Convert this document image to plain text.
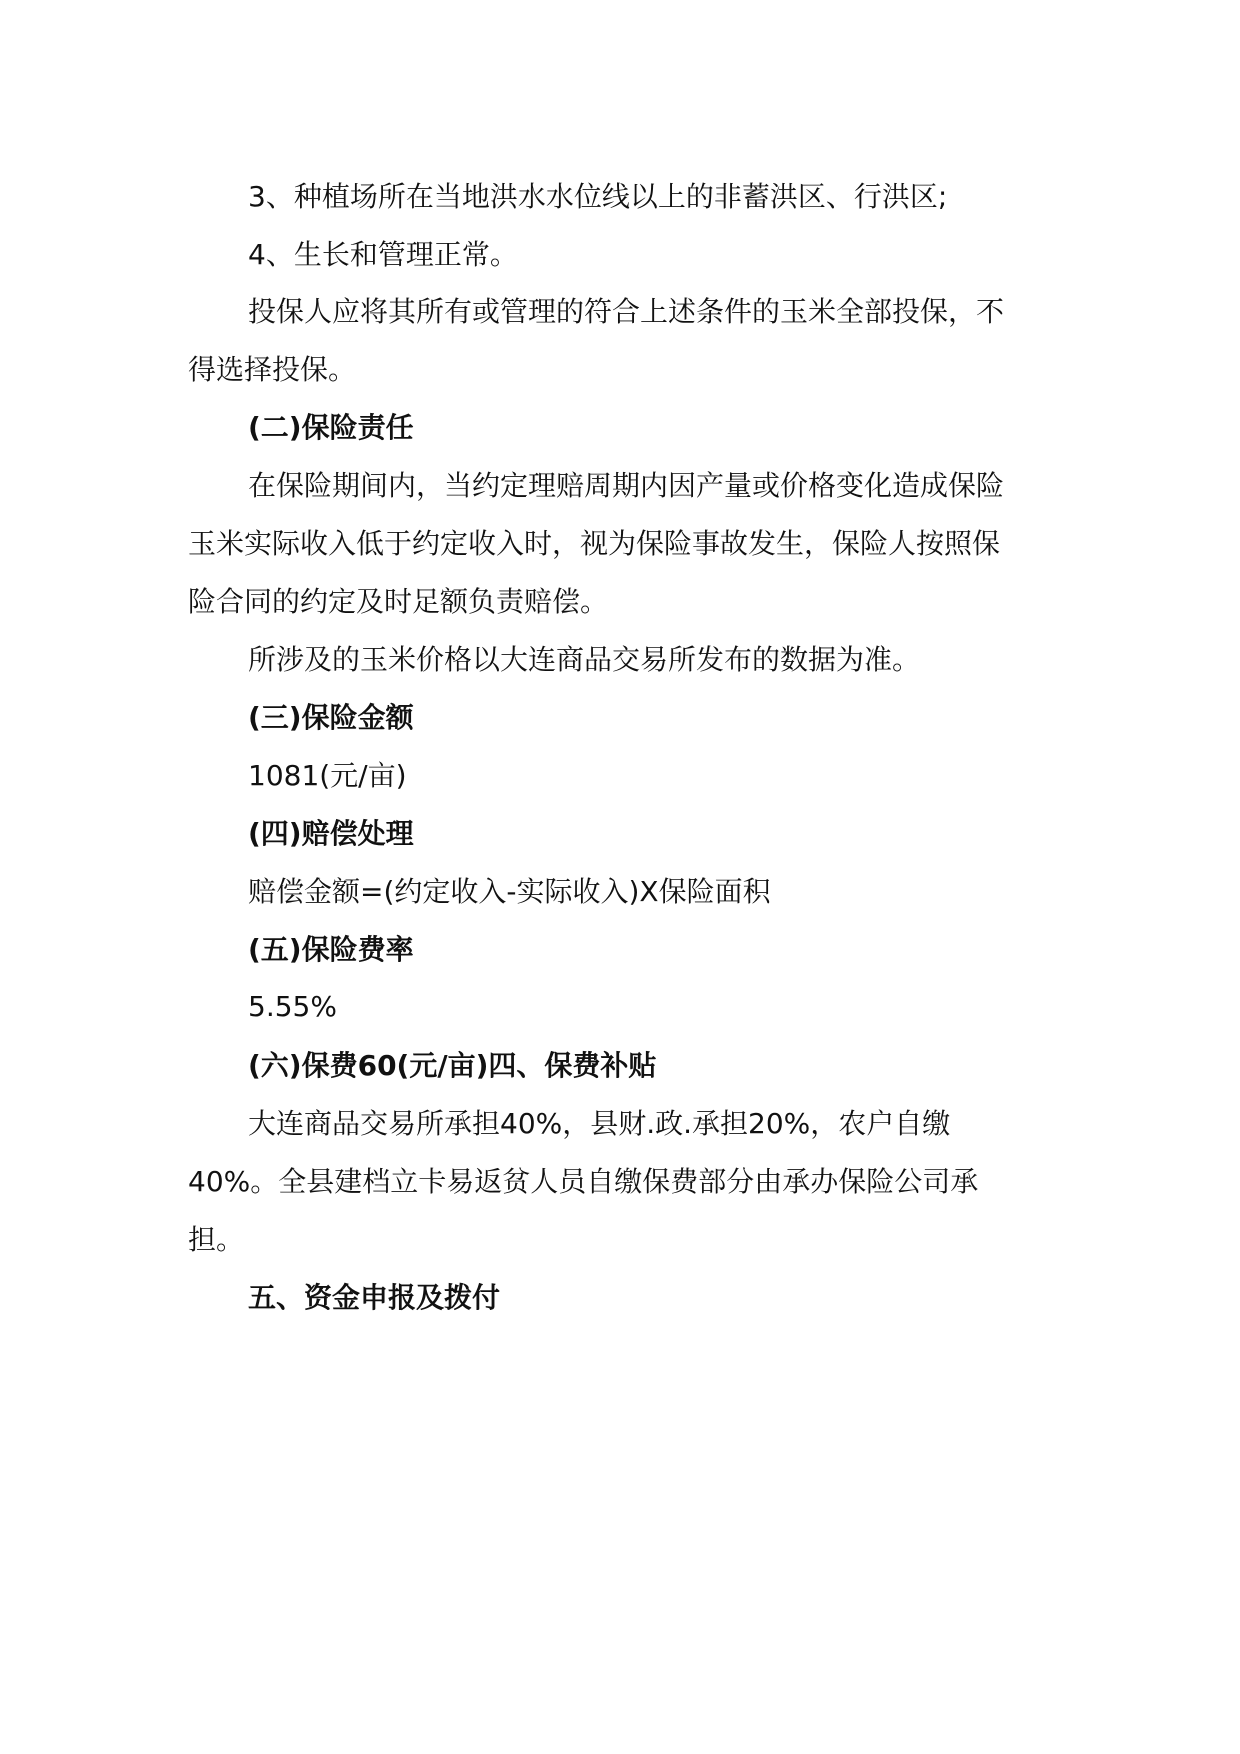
3、种植场所在当地洪水水位线以上的非蓄洪区、行洪区;

4、生长和管理正常。

投保人应将其所有或管理的符合上述条件的玉米全部投保，不

得选择投保。

(二)保险责任

在保险期间内，当约定理赔周期内因产量或价格变化造成保险

玉米实际收入低于约定收入时，视为保险事故发生，保险人按照保

险合同的约定及时足额负责赔偿。

所涉及的玉米价格以大连商品交易所发布的数据为准。

(三)保险金额

1081(元/亩)

(四)赔偿处理

赔偿金额=(约定收入-实际收入)X保险面积

(五)保险费率

5.55%

(六)保费60(元/亩)四、保费补贴

大连商品交易所承担40%，县财.政.承担20%，农户自缴

40%。全县建档立卡易返贫人员自缴保费部分由承办保险公司承

担。

五、资金申报及拨付
